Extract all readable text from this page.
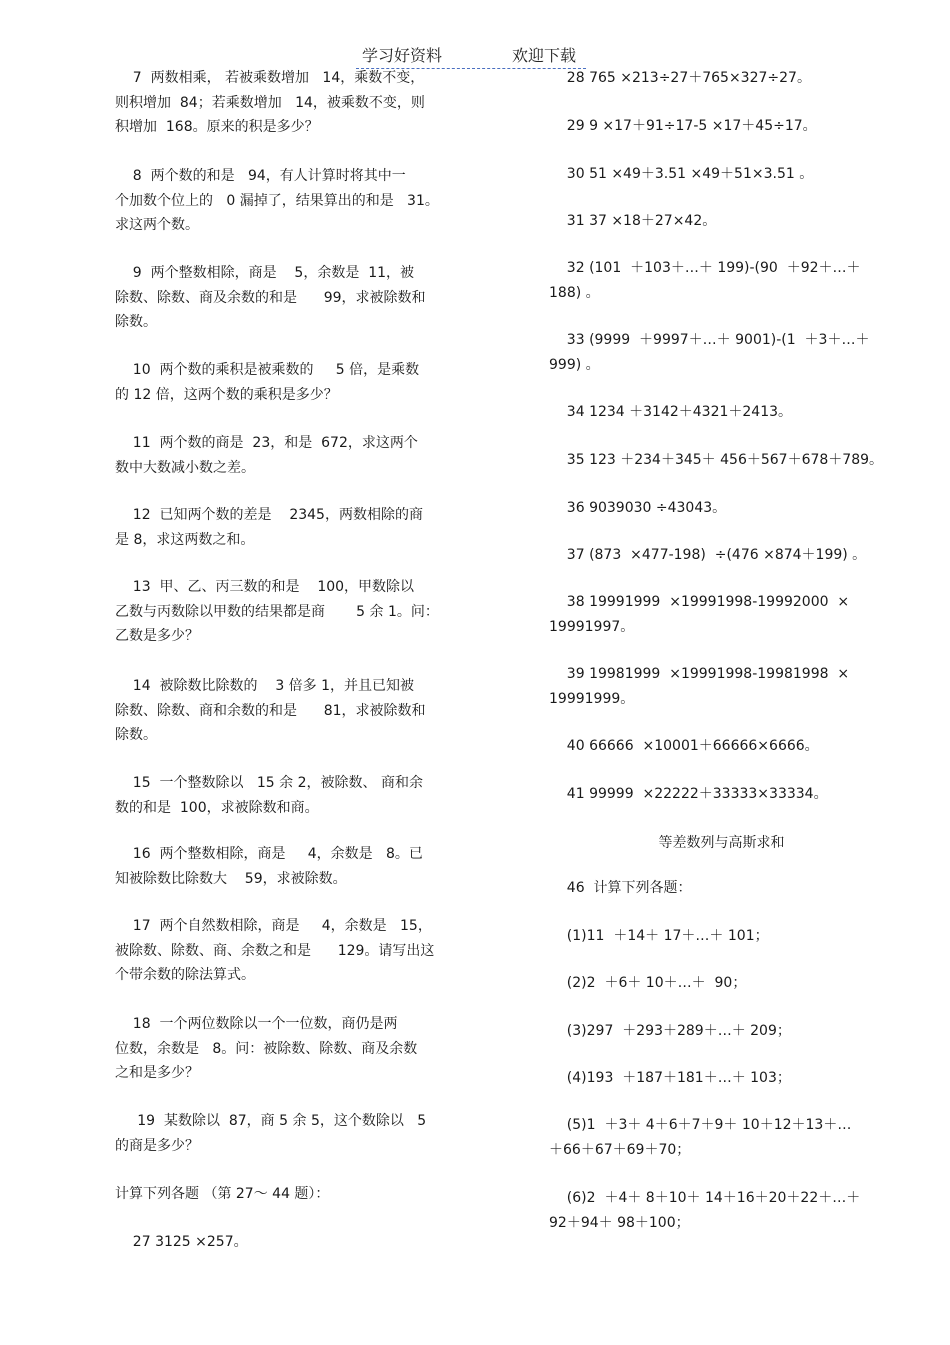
学习好资料	欢迎下载
7  两数相乘， 若被乘数增加   14，乘数不变，
则积增加  84；若乘数增加   14，被乘数不变，则
积增加  168。原来的积是多少？
8  两个数的和是   94，有人计算时将其中一
个加数个位上的   0 漏掉了，结果算出的和是   31。
求这两个数。
9  两个整数相除，商是    5，余数是  11，被
除数、除数、商及余数的和是      99，求被除数和
除数。
10  两个数的乘积是被乘数的     5 倍，是乘数
的 12 倍，这两个数的乘积是多少？
11  两个数的商是  23，和是  672，求这两个
数中大数减小数之差。
12  已知两个数的差是    2345，两数相除的商
是 8，求这两数之和。
13  甲、乙、丙三数的和是    100，甲数除以
乙数与丙数除以甲数的结果都是商       5 余 1。问：
乙数是多少？
14  被除数比除数的    3 倍多 1，并且已知被
除数、除数、商和余数的和是      81，求被除数和
除数。
15  一个整数除以   15 余 2，被除数、 商和余
数的和是  100，求被除数和商。
16  两个整数相除，商是     4，余数是   8。已
知被除数比除数大    59，求被除数。
17  两个自然数相除，商是     4，余数是   15，
被除数、除数、商、余数之和是      129。请写出这
个带余数的除法算式。
18  一个两位数除以一个一位数，商仍是两
位数，余数是   8。问：被除数、除数、商及余数
之和是多少？
19  某数除以  87，商 5 余 5，这个数除以   5
的商是多少？
计算下列各题 （第 27～ 44 题）：
27 3125 ×257。
28 765 ×213÷27＋765×327÷27。
29 9 ×17＋91÷17-5 ×17＋45÷17。
30 51 ×49＋3.51 ×49＋51×3.51 。
31 37 ×18＋27×42。
32 (101  ＋103＋…＋ 199)-(90  ＋92＋…＋
188) 。
33 (9999  ＋9997＋…＋ 9001)-(1  ＋3＋…＋
999) 。
34 1234 ＋3142＋4321＋2413。
35 123 ＋234＋345＋ 456＋567＋678＋789。
36 9039030 ÷43043。
37 (873  ×477-198)  ÷(476 ×874＋199) 。
38 19991999  ×19991998-19992000  ×
19991997。
39 19981999  ×19991998-19981998  ×
19991999。
40 66666  ×10001＋66666×6666。
41 99999  ×22222＋33333×33334。
等差数列与高斯求和
46  计算下列各题：
(1)11  ＋14＋ 17＋…＋ 101；
(2)2  ＋6＋ 10＋…＋  90；
(3)297  ＋293＋289＋…＋ 209；
(4)193  ＋187＋181＋…＋ 103；
(5)1  ＋3＋ 4＋6＋7＋9＋ 10＋12＋13＋…
＋66＋67＋69＋70；
(6)2  ＋4＋ 8＋10＋ 14＋16＋20＋22＋…＋
92＋94＋ 98＋100；
